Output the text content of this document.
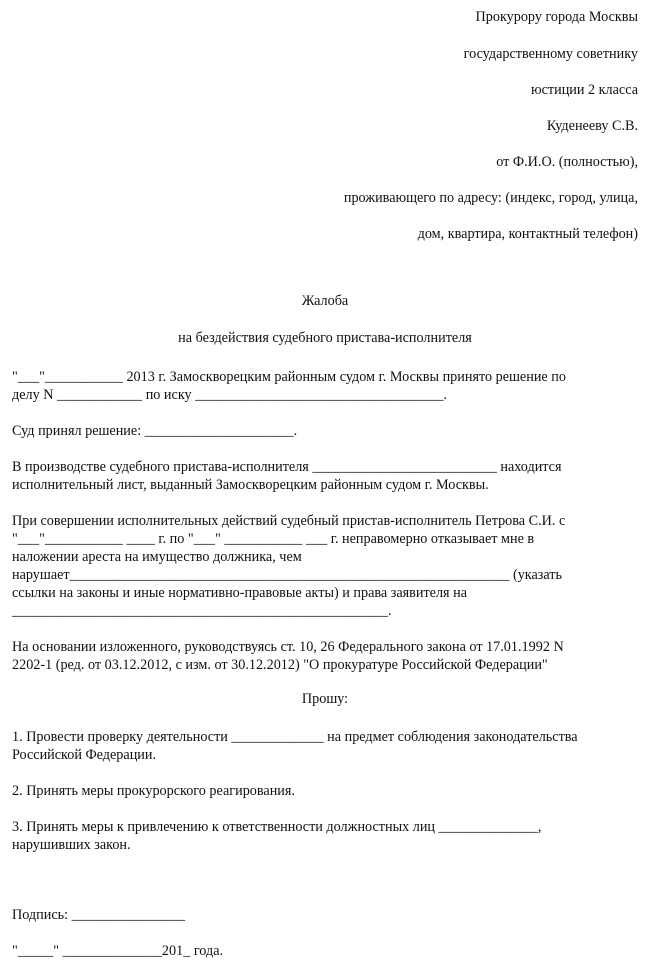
Прокурору города Москвы
государственному советнику
юстиции 2 класса
Куденееву С.В.
от Ф.И.О. (полностью),
проживающего по адресу: (индекс, город, улица,
дом, квартира, контактный телефон)
Жалоба
на бездействия судебного пристава-исполнителя
"___"___________ 2013 г. Замоскворецким районным судом г. Москвы принято решение по
делу N ____________ по иску ___________________________________.
Суд принял решение: _____________________.
В производстве судебного пристава-исполнителя __________________________ находится
исполнительный лист, выданный Замоскворецким районным судом г. Москвы.
При совершении исполнительных действий судебный пристав-исполнитель Петрова С.И. с
"___"___________ ____ г. по "___" ___________ ___ г. неправомерно отказывает мне в
наложении ареста на имущество должника, чем
нарушает______________________________________________________________ (указать
ссылки на законы и иные нормативно-правовые акты) и права заявителя на
_____________________________________________________.
На основании изложенного, руководствуясь ст. 10, 26 Федерального закона от 17.01.1992 N
2202-1 (ред. от 03.12.2012, с изм. от 30.12.2012) "О прокуратуре Российской Федерации"
Прошу:
1. Провести проверку деятельности _____________ на предмет соблюдения законодательства
Российской Федерации.
2. Принять меры прокурорского реагирования.
3. Принять меры к привлечению к ответственности должностных лиц ______________,
нарушивших закон.
Подпись: ________________
"_____" ______________201_ года.
